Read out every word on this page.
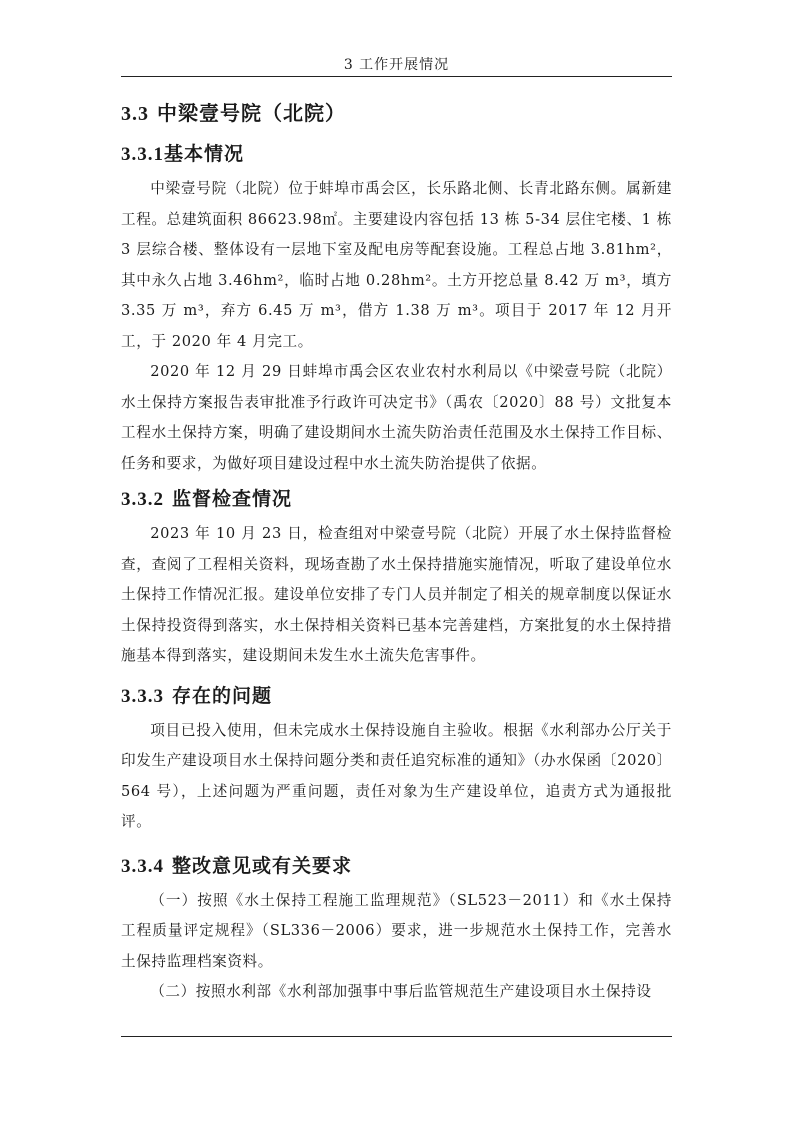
3 工作开展情况
3.3 中梁壹号院（北院）
3.3.1基本情况

中梁壹号院（北院）位于蚌埠市禹会区，长乐路北侧、长青北路东侧。属新建工程。总建筑面积 86623.98㎡。主要建设内容包括 13 栋 5-34 层住宅楼、1 栋 3 层综合楼、整体设有一层地下室及配电房等配套设施。工程总占地 3.81hm²，其中永久占地 3.46hm²，临时占地 0.28hm²。土方开挖总量 8.42 万 m³，填方 3.35 万 m³，弃方 6.45 万 m³，借方 1.38 万 m³。项目于 2017 年 12 月开工，于 2020 年 4 月完工。

2020 年 12 月 29 日蚌埠市禹会区农业农村水利局以《中梁壹号院（北院）水土保持方案报告表审批准予行政许可决定书》（禹农〔2020〕88 号）文批复本工程水土保持方案，明确了建设期间水土流失防治责任范围及水土保持工作目标、任务和要求，为做好项目建设过程中水土流失防治提供了依据。

3.3.2 监督检查情况

2023 年 10 月 23 日，检查组对中梁壹号院（北院）开展了水土保持监督检查，查阅了工程相关资料，现场查勘了水土保持措施实施情况，听取了建设单位水土保持工作情况汇报。建设单位安排了专门人员并制定了相关的规章制度以保证水土保持投资得到落实，水土保持相关资料已基本完善建档，方案批复的水土保持措施基本得到落实，建设期间未发生水土流失危害事件。

3.3.3 存在的问题

项目已投入使用，但未完成水土保持设施自主验收。根据《水利部办公厅关于印发生产建设项目水土保持问题分类和责任追究标准的通知》（办水保函〔2020〕564 号），上述问题为严重问题，责任对象为生产建设单位，追责方式为通报批评。

3.3.4 整改意见或有关要求

（一）按照《水土保持工程施工监理规范》（SL523－2011）和《水土保持工程质量评定规程》（SL336－2006）要求，进一步规范水土保持工作，完善水土保持监理档案资料。

（二）按照水利部《水利部加强事中事后监管规范生产建设项目水土保持设
